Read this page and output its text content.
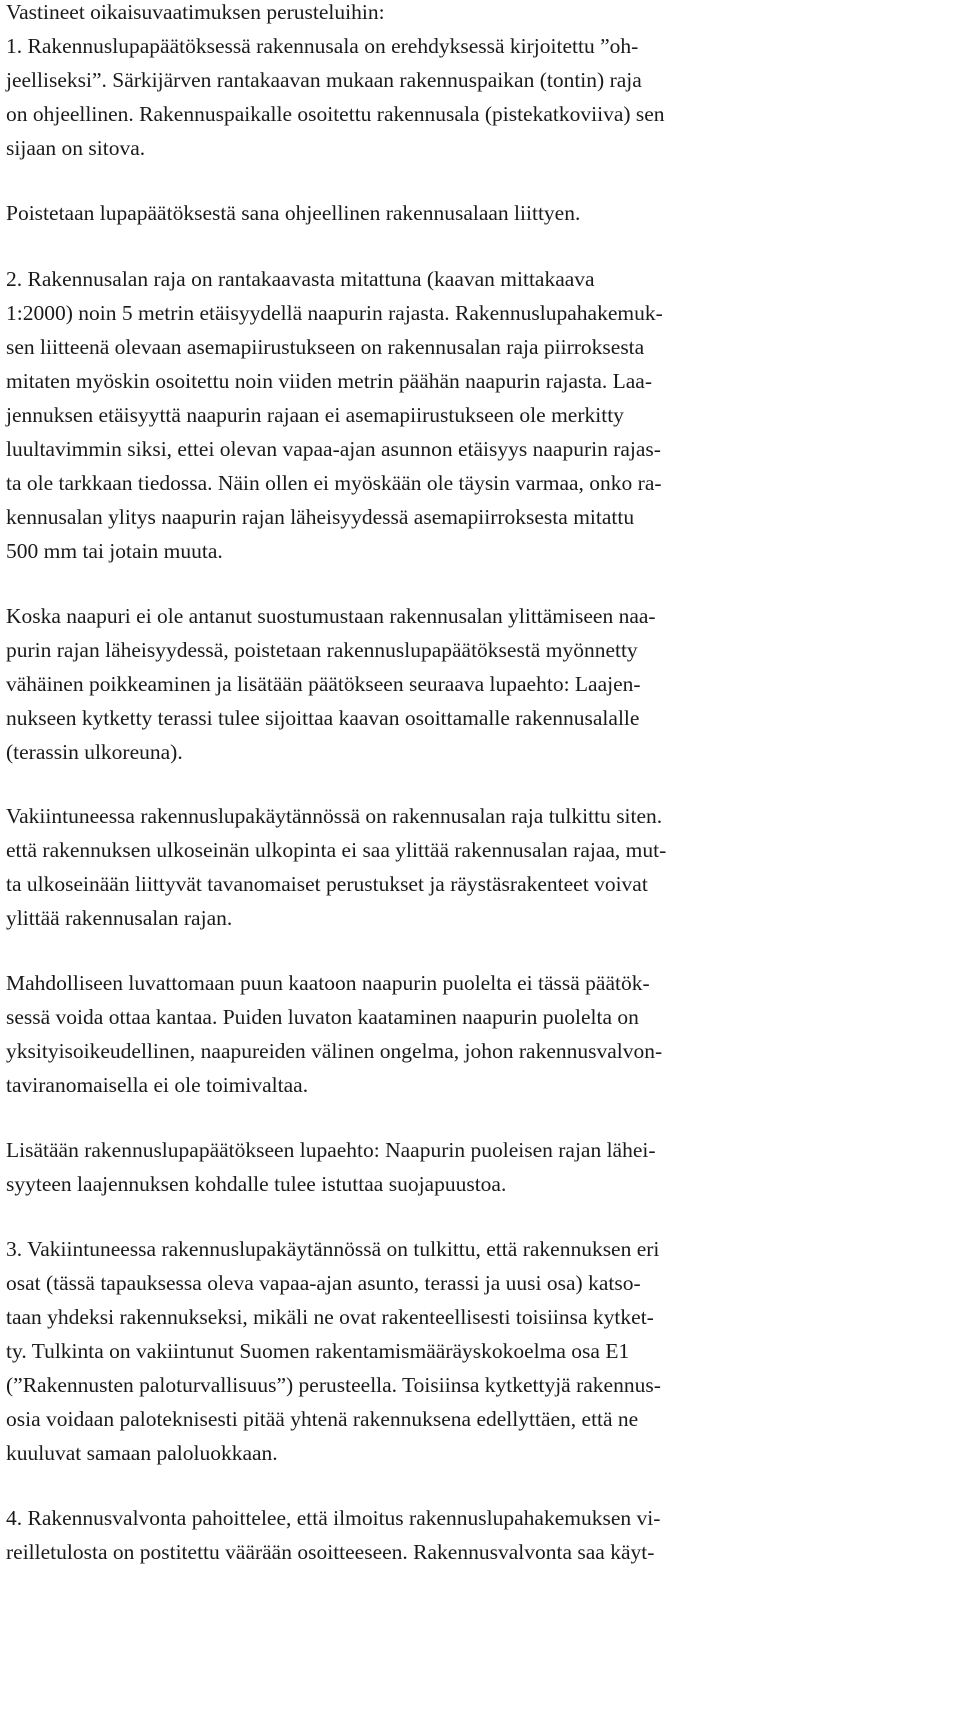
Vastineet oikaisuvaatimuksen perusteluihin:
1. Rakennuslupapäätöksessä rakennusala on erehdyksessä kirjoitettu ”oh-
jeelliseksi”. Särkijärven rantakaavan mukaan rakennuspaikan (tontin) raja
on ohjeellinen. Rakennuspaikalle osoitettu rakennusala (pistekatkoviiva) sen
sijaan on sitova.
Poistetaan lupapäätöksestä sana ohjeellinen rakennusalaan liittyen.
2. Rakennusalan raja on rantakaavasta mitattuna (kaavan mittakaava
1:2000) noin 5 metrin etäisyydellä naapurin rajasta. Rakennuslupahakemuk-
sen liitteenä olevaan asemapiirustukseen on rakennusalan raja piirroksesta
mitaten myöskin osoitettu noin viiden metrin päähän naapurin rajasta. Laa-
jennuksen etäisyyttä naapurin rajaan ei asemapiirustukseen ole merkitty
luultavimmin siksi, ettei olevan vapaa-ajan asunnon etäisyys naapurin rajas-
ta ole tarkkaan tiedossa. Näin ollen ei myöskään ole täysin varmaa, onko ra-
kennusalan ylitys naapurin rajan läheisyydessä asemapiirroksesta mitattu
500 mm tai jotain muuta.
Koska naapuri ei ole antanut suostumustaan rakennusalan ylittämiseen naa-
purin rajan läheisyydessä, poistetaan rakennuslupapäätöksestä myönnetty
vähäinen poikkeaminen ja lisätään päätökseen seuraava lupaehto: Laajen-
nukseen kytketty terassi tulee sijoittaa kaavan osoittamalle rakennusalalle
(terassin ulkoreuna).
Vakiintuneessa rakennuslupakäytännössä on rakennusalan raja tulkittu siten.
että rakennuksen ulkoseinän ulkopinta ei saa ylittää rakennusalan rajaa, mut-
ta ulkoseinään liittyvät tavanomaiset perustukset ja räystäsrakenteet voivat
ylittää rakennusalan rajan.
Mahdolliseen luvattomaan puun kaatoon naapurin puolelta ei tässä päätök-
sessä voida ottaa kantaa. Puiden luvaton kaataminen naapurin puolelta on
yksityisoikeudellinen, naapureiden välinen ongelma, johon rakennusvalvon-
taviranomaisella ei ole toimivaltaa.
Lisätään rakennuslupapäätökseen lupaehto: Naapurin puoleisen rajan lähei-
syyteen laajennuksen kohdalle tulee istuttaa suojapuustoa.
3. Vakiintuneessa rakennuslupakäytännössä on tulkittu, että rakennuksen eri
osat (tässä tapauksessa oleva vapaa-ajan asunto, terassi ja uusi osa) katso-
taan yhdeksi rakennukseksi, mikäli ne ovat rakenteellisesti toisiinsa kytket-
ty. Tulkinta on vakiintunut Suomen rakentamismääräyskokoelma osa E1
(”Rakennusten paloturvallisuus”) perusteella. Toisiinsa kytkettyjä rakennus-
osia voidaan paloteknisesti pitää yhtenä rakennuksena edellyttäen, että ne
kuuluvat samaan paloluokkaan.
4. Rakennusvalvonta pahoittelee, että ilmoitus rakennuslupahakemuksen vi-
reilletulosta on postitettu väärään osoitteeseen. Rakennusvalvonta saa käyt-
